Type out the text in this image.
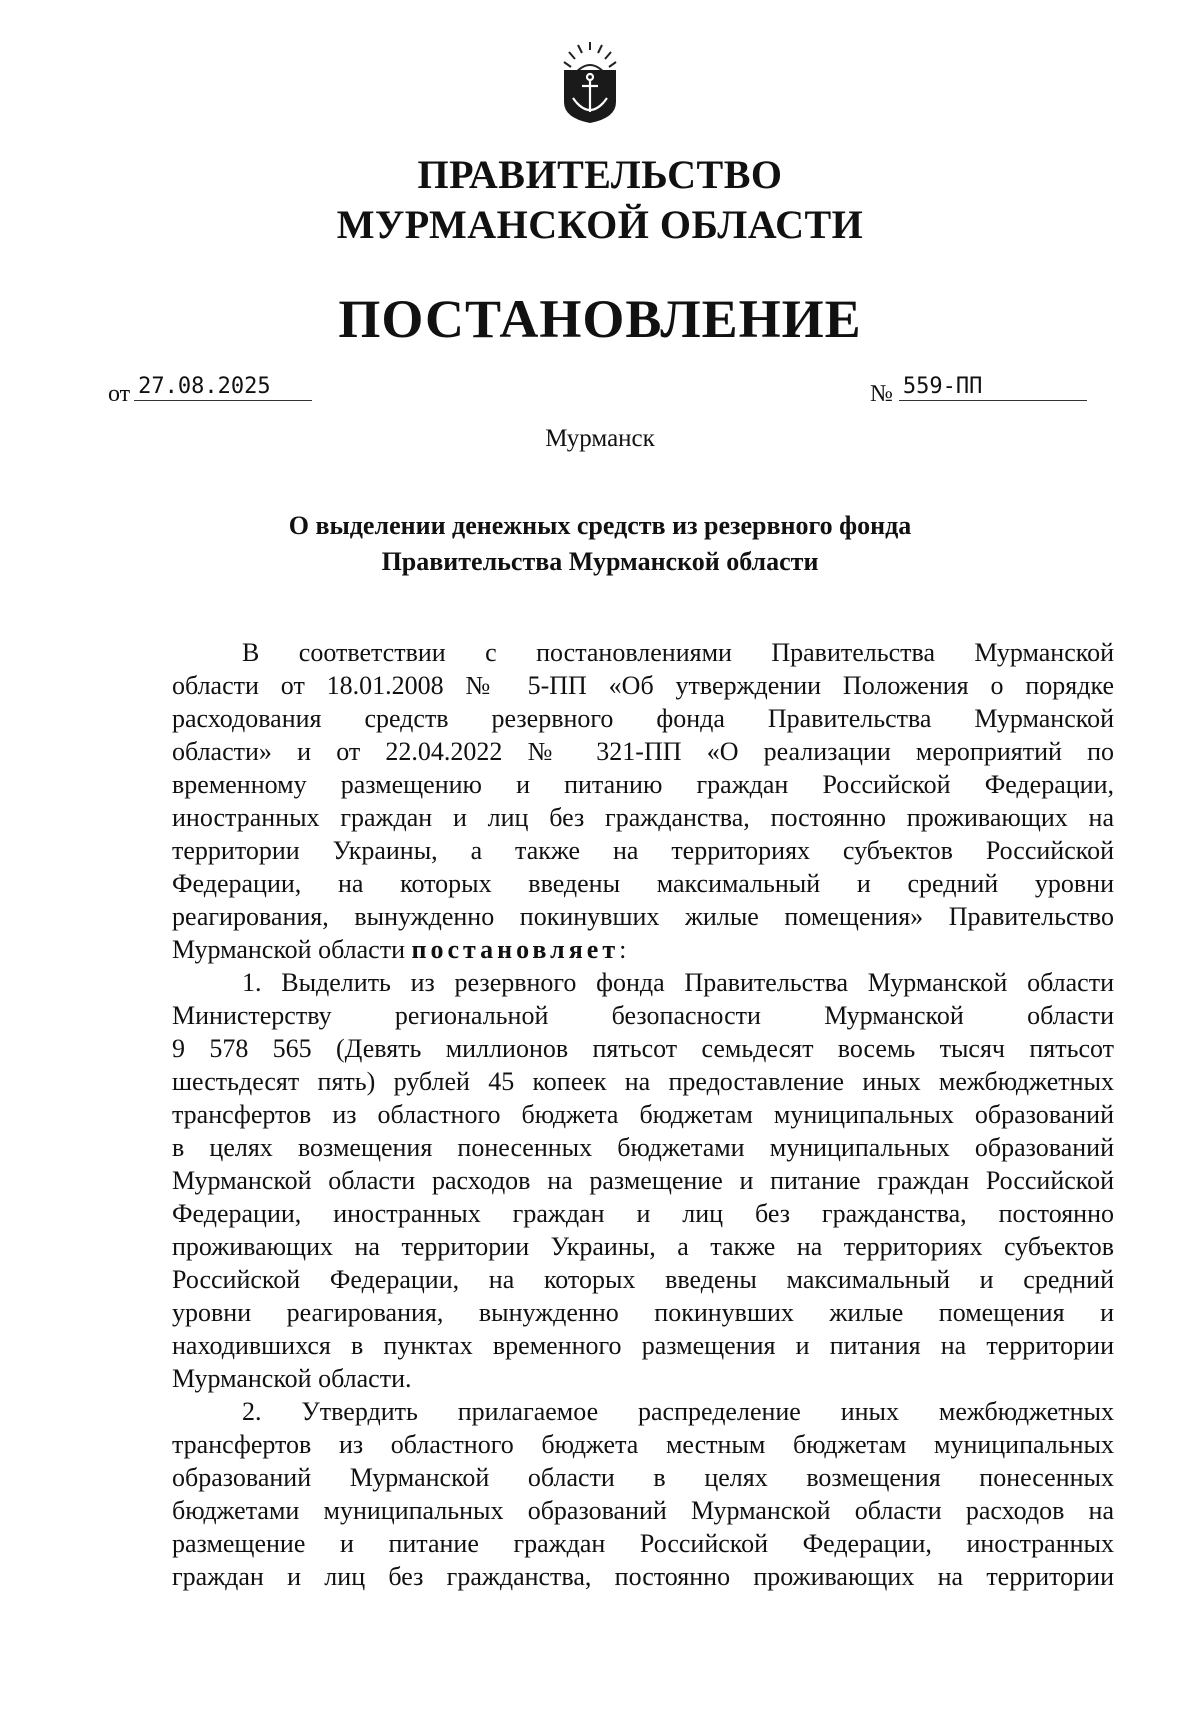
ПРАВИТЕЛЬСТВО
МУРМАНСКОЙ ОБЛАСТИ
ПОСТАНОВЛЕНИЕ
от 27.08.2025	№ 559-ПП
Мурманск
О выделении денежных средств из резервного фонда
Правительства Мурманской области
В соответствии с постановлениями Правительства Мурманской
области от 18.01.2008 № 5-ПП «Об утверждении Положения о порядке
расходования средств резервного фонда Правительства Мурманской
области» и от 22.04.2022 № 321-ПП «О реализации мероприятий по
временному размещению и питанию граждан Российской Федерации,
иностранных граждан и лиц без гражданства, постоянно проживающих на
территории Украины, а также на территориях субъектов Российской
Федерации, на которых введены максимальный и средний уровни
реагирования, вынужденно покинувших жилые помещения» Правительство
Мурманской области постановляет:
1. Выделить из резервного фонда Правительства Мурманской области
Министерству региональной безопасности Мурманской области
9 578 565 (Девять миллионов пятьсот семьдесят восемь тысяч пятьсот
шестьдесят пять) рублей 45 копеек на предоставление иных межбюджетных
трансфертов из областного бюджета бюджетам муниципальных образований
в целях возмещения понесенных бюджетами муниципальных образований
Мурманской области расходов на размещение и питание граждан Российской
Федерации, иностранных граждан и лиц без гражданства, постоянно
проживающих на территории Украины, а также на территориях субъектов
Российской Федерации, на которых введены максимальный и средний
уровни реагирования, вынужденно покинувших жилые помещения и
находившихся в пунктах временного размещения и питания на территории
Мурманской области.
2. Утвердить прилагаемое распределение иных межбюджетных
трансфертов из областного бюджета местным бюджетам муниципальных
образований Мурманской области в целях возмещения понесенных
бюджетами муниципальных образований Мурманской области расходов на
размещение и питание граждан Российской Федерации, иностранных
граждан и лиц без гражданства, постоянно проживающих на территории
